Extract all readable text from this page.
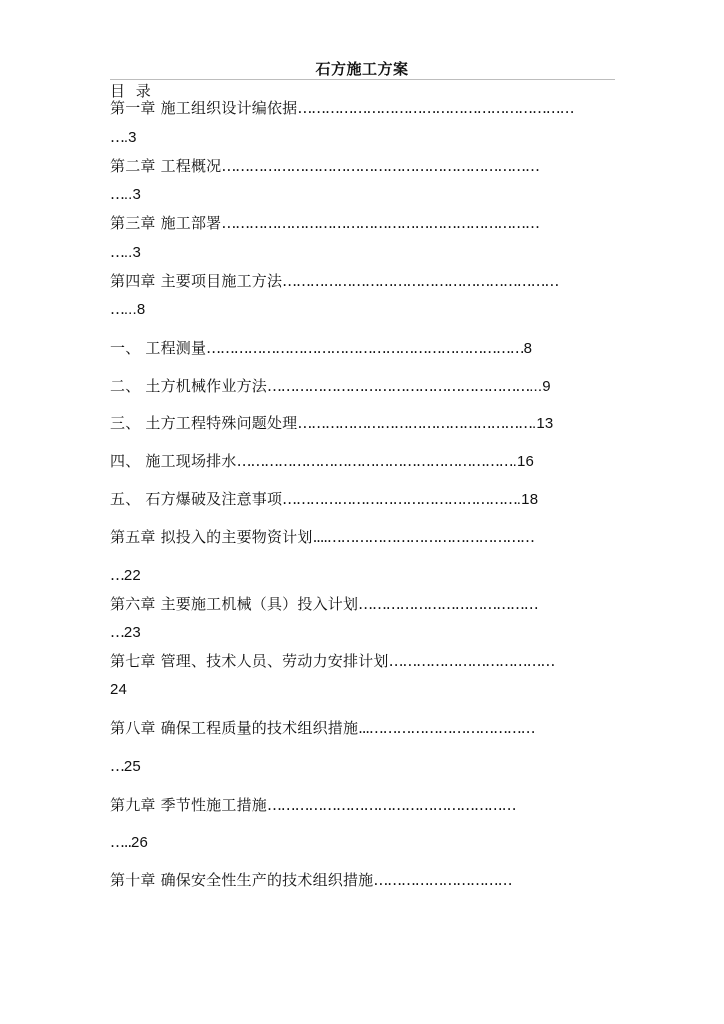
石方施工方案
目 录
第一章 施工组织设计编依据……………………………………………………
….3
第二章 工程概况……………………………………………………………
…..3
第三章 施工部署……………………………………………………………
…..3
第四章 主要项目施工方法……………………………………………………
…...8
一、 工程测量……………………………………………………………8
二、 土方机械作业方法…………………………………………………...9
三、 土方工程特殊问题处理…………………………………………….13
四、 施工现场排水…………………………………………………….16
五、 石方爆破及注意事项…………………………………………….18
第五章 拟投入的主要物资计划....………………………………………
…22
第六章 主要施工机械（具）投入计划…………………………………
…23
第七章 管理、技术人员、劳动力安排计划………………………………
24
第八章 确保工程质量的技术组织措施...………………………………
…25
第九章 季节性施工措施………………………………………………
…..26
第十章 确保安全性生产的技术组织措施…………………………
